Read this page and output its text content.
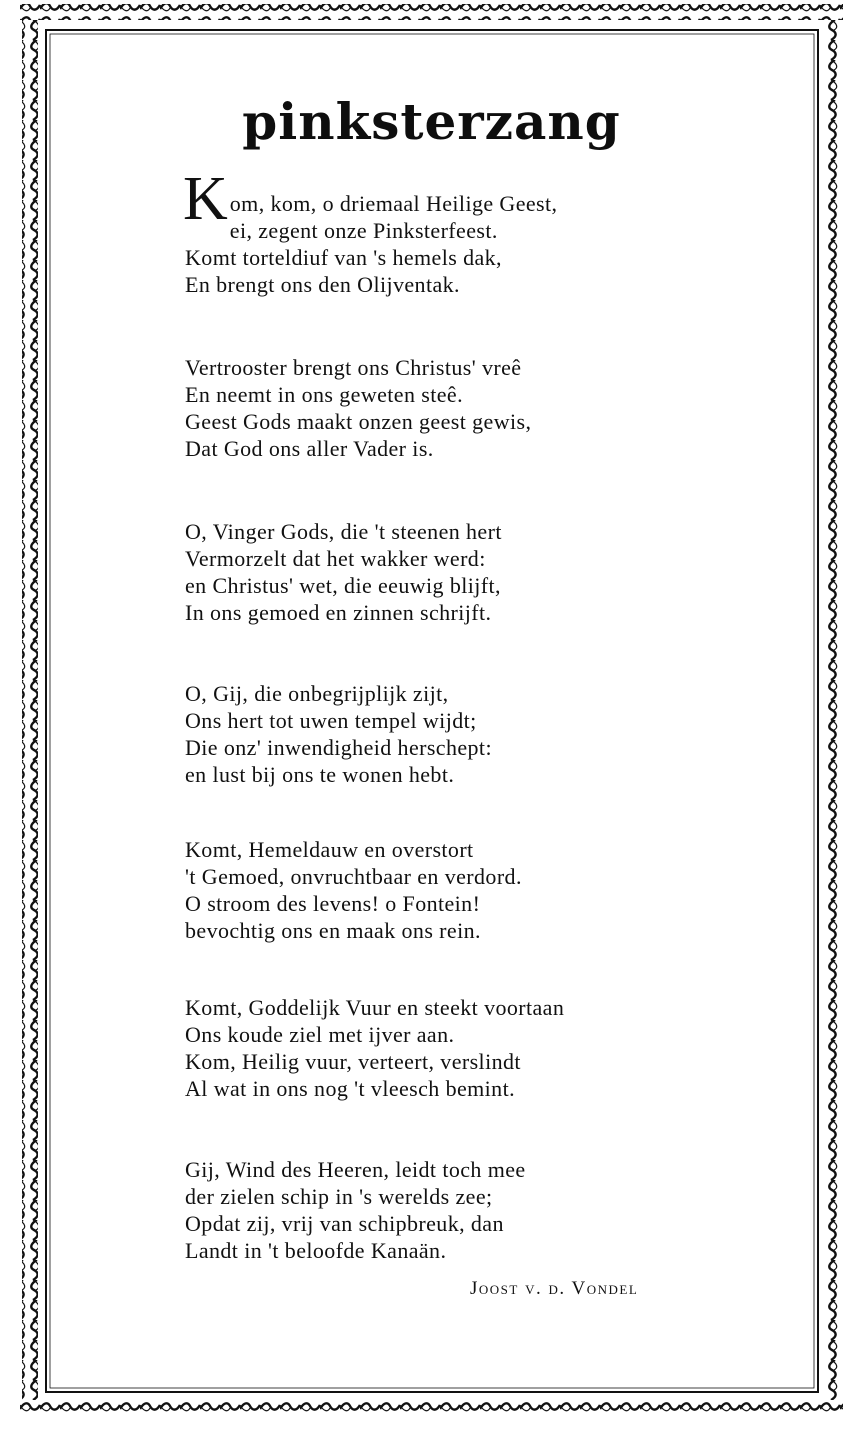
pinksterzang
K om, kom, o driemaal Heilige Geest,
ei, zegent onze Pinksterfeest.
Komt torteldiuf van 's hemels dak,
En brengt ons den Olijventak.
Vertrooster brengt ons Christus' vreê
En neemt in ons geweten steê.
Geest Gods maakt onzen geest gewis,
Dat God ons aller Vader is.
O, Vinger Gods, die 't steenen hert
Vermorzelt dat het wakker werd:
en Christus' wet, die eeuwig blijft,
In ons gemoed en zinnen schrijft.
O, Gij, die onbegrijplijk zijt,
Ons hert tot uwen tempel wijdt;
Die onz' inwendigheid herschept:
en lust bij ons te wonen hebt.
Komt, Hemeldauw en overstort
't Gemoed, onvruchtbaar en verdord.
O stroom des levens! o Fontein!
bevochtig ons en maak ons rein.
Komt, Goddelijk Vuur en steekt voortaan
Ons koude ziel met ijver aan.
Kom, Heilig vuur, verteert, verslindt
Al wat in ons nog 't vleesch bemint.
Gij, Wind des Heeren, leidt toch mee
der zielen schip in 's werelds zee;
Opdat zij, vrij van schipbreuk, dan
Landt in 't beloofde Kanaän.
Joost v. d. Vondel
